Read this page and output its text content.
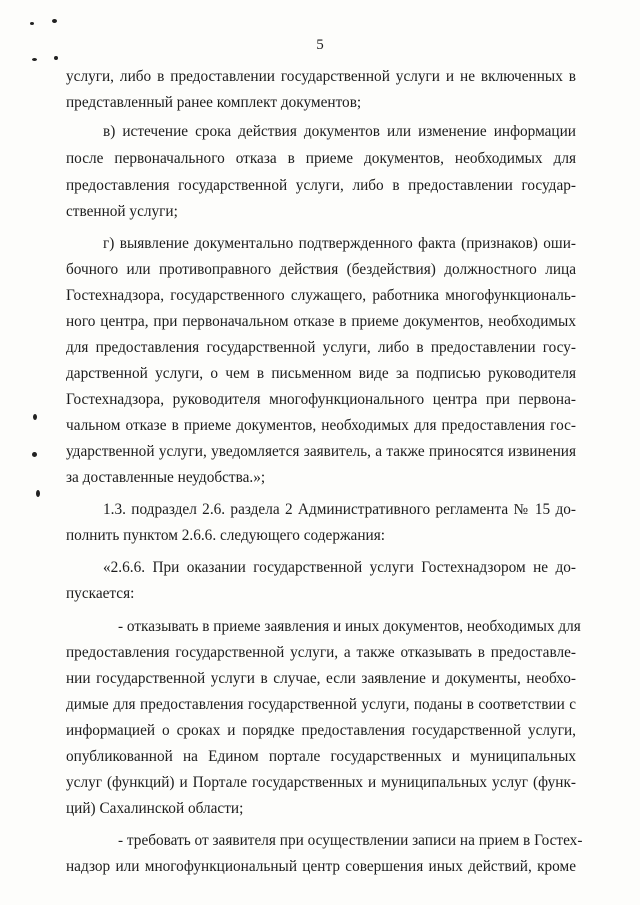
5
услуги, либо в предоставлении государственной услуги и не включенных в
представленный ранее комплект документов;
в) истечение срока действия документов или изменение информации
после первоначального отказа в приеме документов, необходимых для
предоставления государственной услуги, либо в предоставлении государ-
ственной услуги;
г) выявление документально подтвержденного факта (признаков) оши-
бочного или противоправного действия (бездействия) должностного лица
Гостехнадзора, государственного служащего, работника многофункциональ-
ного центра, при первоначальном отказе в приеме документов, необходимых
для предоставления государственной услуги, либо в предоставлении госу-
дарственной услуги, о чем в письменном виде за подписью руководителя
Гостехнадзора, руководителя многофункционального центра при первона-
чальном отказе в приеме документов, необходимых для предоставления гос-
ударственной услуги, уведомляется заявитель, а также приносятся извинения
за доставленные неудобства.»;
1.3. подраздел 2.6. раздела 2 Административного регламента № 15 до-
полнить пунктом 2.6.6. следующего содержания:
«2.6.6. При оказании государственной услуги Гостехнадзором не до-
пускается:
- отказывать в приеме заявления и иных документов, необходимых для
предоставления государственной услуги, а также отказывать в предоставле-
нии государственной услуги в случае, если заявление и документы, необхо-
димые для предоставления государственной услуги, поданы в соответствии с
информацией о сроках и порядке предоставления государственной услуги,
опубликованной на Едином портале государственных и муниципальных
услуг (функций) и Портале государственных и муниципальных услуг (функ-
ций) Сахалинской области;
- требовать от заявителя при осуществлении записи на прием в Гостех-
надзор или многофункциональный центр совершения иных действий, кроме
